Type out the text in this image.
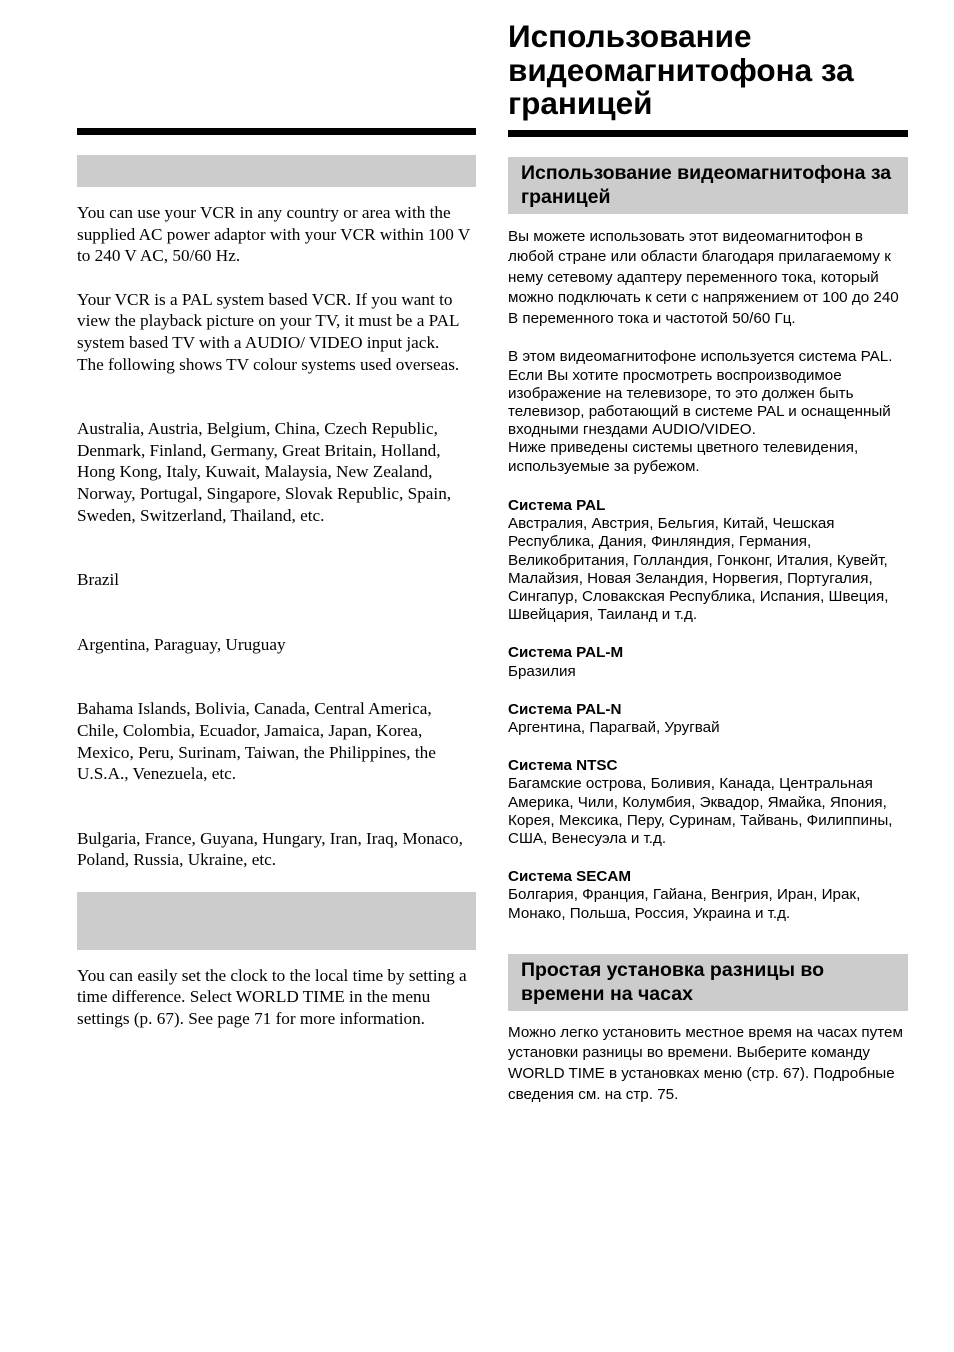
You can use your VCR in any country or area with the supplied AC power adaptor with your VCR within 100 V to 240 V AC, 50/60 Hz.

Your VCR is a PAL system based VCR. If you want to view the playback picture on your TV, it must be a PAL system based TV with a AUDIO/ VIDEO input jack.

The following shows TV colour systems used overseas.

Australia, Austria, Belgium, China, Czech Republic, Denmark, Finland, Germany, Great Britain, Holland, Hong Kong, Italy, Kuwait, Malaysia, New Zealand, Norway, Portugal, Singapore, Slovak Republic, Spain, Sweden, Switzerland, Thailand, etc.

Brazil

Argentina, Paraguay, Uruguay

Bahama Islands, Bolivia, Canada, Central America, Chile, Colombia, Ecuador, Jamaica, Japan, Korea, Mexico, Peru, Surinam, Taiwan, the Philippines, the U.S.A., Venezuela, etc.

Bulgaria, France, Guyana, Hungary, Iran, Iraq, Monaco, Poland, Russia, Ukraine, etc.

You can easily set the clock to the local time by setting a time difference. Select WORLD TIME in the menu settings (p. 67). See page 71 for more information.

Использование видеомагнитофона за границей
Использование видеомагнитофона за границей

Вы можете использовать этот видеомагнитофон в любой стране или области благодаря прилагаемому к нему сетевому адаптеру переменного тока, который можно подключать к сети с напряжением от 100 до 240 В переменного тока и частотой 50/60 Гц.

В этом видеомагнитофоне используется система PAL. Если Вы хотите просмотреть воспроизводимое изображение на телевизоре, то это должен быть телевизор, работающий в системе PAL и оснащенный входными гнездами AUDIO/VIDEO.

Ниже приведены системы цветного телевидения, используемые за рубежом.

Система PAL

Австралия, Австрия, Бельгия, Китай, Чешская Республика, Дания, Финляндия, Германия, Великобритания, Голландия, Гонконг, Италия, Кувейт, Малайзия, Новая Зеландия, Норвегия, Португалия, Сингапур, Словакская Республика, Испания, Швеция, Швейцария, Таиланд и т.д.

Система PAL-M

Бразилия

Система PAL-N

Аргентина, Парагвай, Уругвай

Система NTSC

Багамские острова, Боливия, Канада, Центральная Америка, Чили, Колумбия, Эквадор, Ямайка, Япония, Корея, Мексика, Перу, Суринам, Тайвань, Филиппины, США, Венесуэла и т.д.

Система SECAM

Болгария, Франция, Гайана, Венгрия, Иран, Ирак, Монако, Польша, Россия, Украина и т.д.

Простая установка разницы во времени на часах

Можно легко установить местное время на часах путем установки разницы во времени. Выберите команду WORLD TIME в установках меню (стр. 67). Подробные сведения см. на стр. 75.
